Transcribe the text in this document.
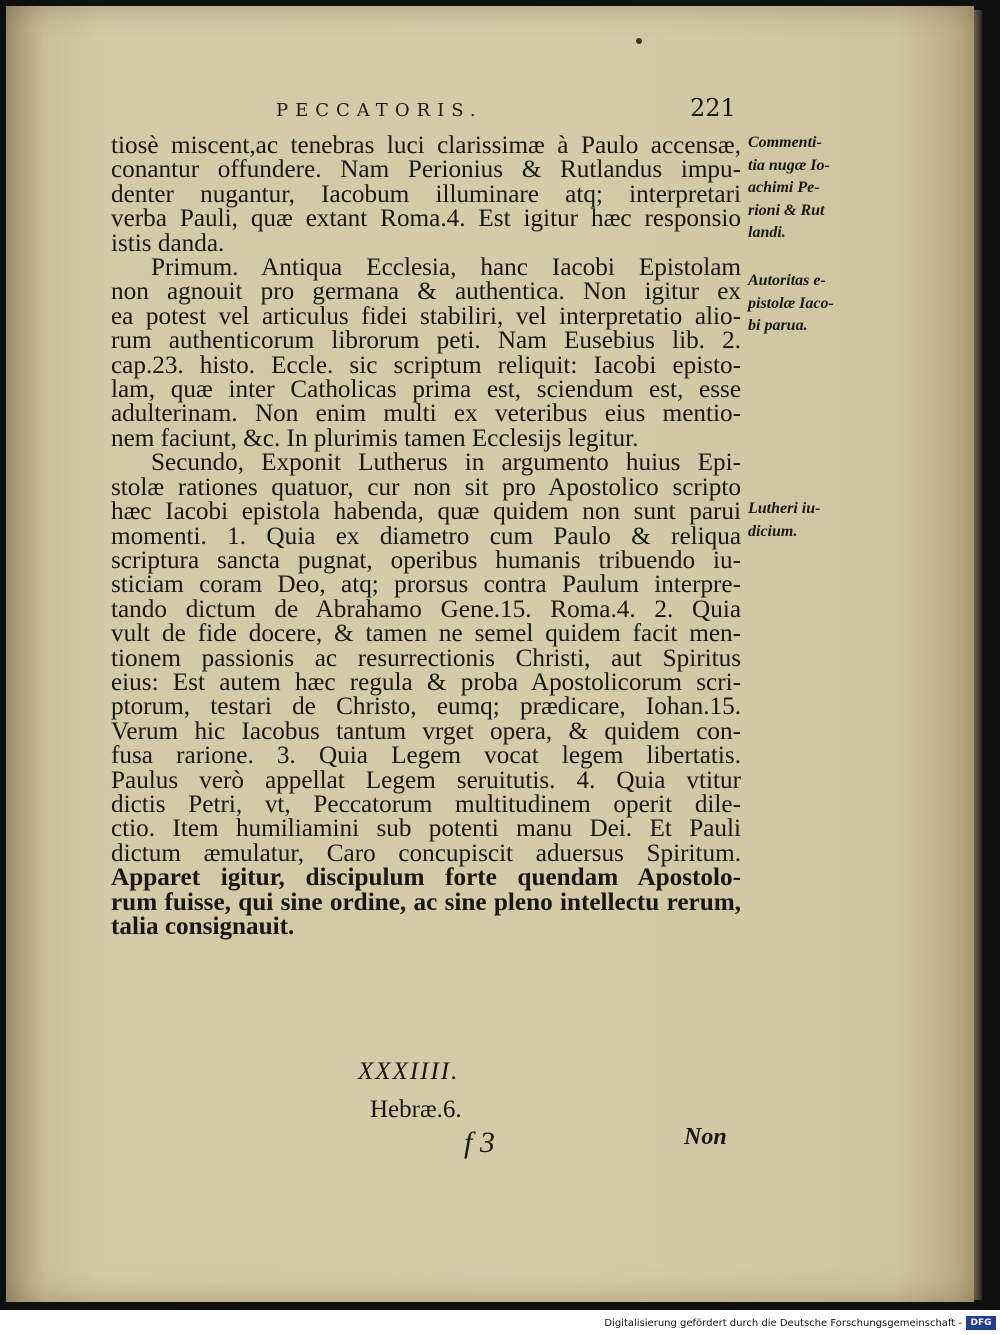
PECCATORIS.	221
tiosè miscent,ac tenebras luci clarissimæ à Paulo accensæ,
conantur offundere. Nam Perionius & Rutlandus impu-
denter nugantur, Iacobum illuminare atq; interpretari
verba Pauli, quæ extant Roma.4. Est igitur hæc responsio
istis danda.
Primum. Antiqua Ecclesia, hanc Iacobi Epistolam
non agnouit pro germana & authentica. Non igitur ex
ea potest vel articulus fidei stabiliri, vel interpretatio alio-
rum authenticorum librorum peti. Nam Eusebius lib. 2.
cap.23. histo. Eccle. sic scriptum reliquit: Iacobi episto-
lam, quæ inter Catholicas prima est, sciendum est, esse
adulterinam. Non enim multi ex veteribus eius mentio-
nem faciunt, &c. In plurimis tamen Ecclesijs legitur.
Secundo, Exponit Lutherus in argumento huius Epi-
stolæ rationes quatuor, cur non sit pro Apostolico scripto
hæc Iacobi epistola habenda, quæ quidem non sunt parui
momenti. 1. Quia ex diametro cum Paulo & reliqua
scriptura sancta pugnat, operibus humanis tribuendo iu-
sticiam coram Deo, atq; prorsus contra Paulum interpre-
tando dictum de Abrahamo Gene.15. Roma.4. 2. Quia
vult de fide docere, & tamen ne semel quidem facit men-
tionem passionis ac resurrectionis Christi, aut Spiritus
eius: Est autem hæc regula & proba Apostolicorum scri-
ptorum, testari de Christo, eumq; prædicare, Iohan.15.
Verum hic Iacobus tantum vrget opera, & quidem con-
fusa rarione. 3. Quia Legem vocat legem libertatis.
Paulus verò appellat Legem seruitutis. 4. Quia vtitur
dictis Petri, vt, Peccatorum multitudinem operit dile-
ctio. Item humiliamini sub potenti manu Dei. Et Pauli
dictum æmulatur, Caro concupiscit aduersus Spiritum.
Apparet igitur, discipulum forte quendam Apostolo-
rum fuisse, qui sine ordine, ac sine pleno intellectu rerum,
talia consignauit.
Commenti-
tia nugæ Io-
achimi Pe-
rioni & Rut
landi.
Autoritas e-
pistolæ Iaco-
bi parua.
Lutheri iu-
dicium.
XXXIIII.
Hebræ.6.
f 3	Non
Digitalisierung gefördert durch die Deutsche Forschungsgemeinschaft - DFG
